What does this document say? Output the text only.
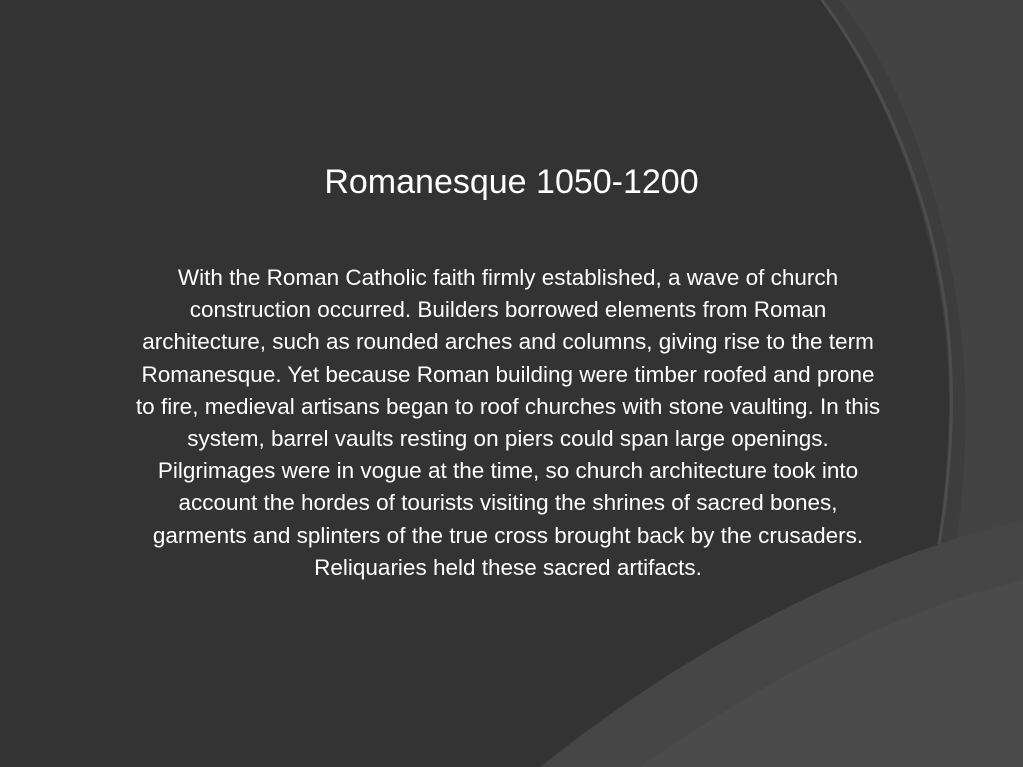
Romanesque 1050-1200
With the Roman Catholic faith firmly established, a wave of church
construction occurred. Builders borrowed elements from Roman
architecture, such as rounded arches and columns, giving rise to the term
Romanesque. Yet because Roman building were timber roofed and prone
to fire, medieval artisans began to roof churches with stone vaulting. In this
system, barrel vaults resting on piers could span large openings.
Pilgrimages were in vogue at the time, so church architecture took into
account the hordes of tourists visiting the shrines of sacred bones,
garments and splinters of the true cross brought back by the crusaders.
Reliquaries held these sacred artifacts.
